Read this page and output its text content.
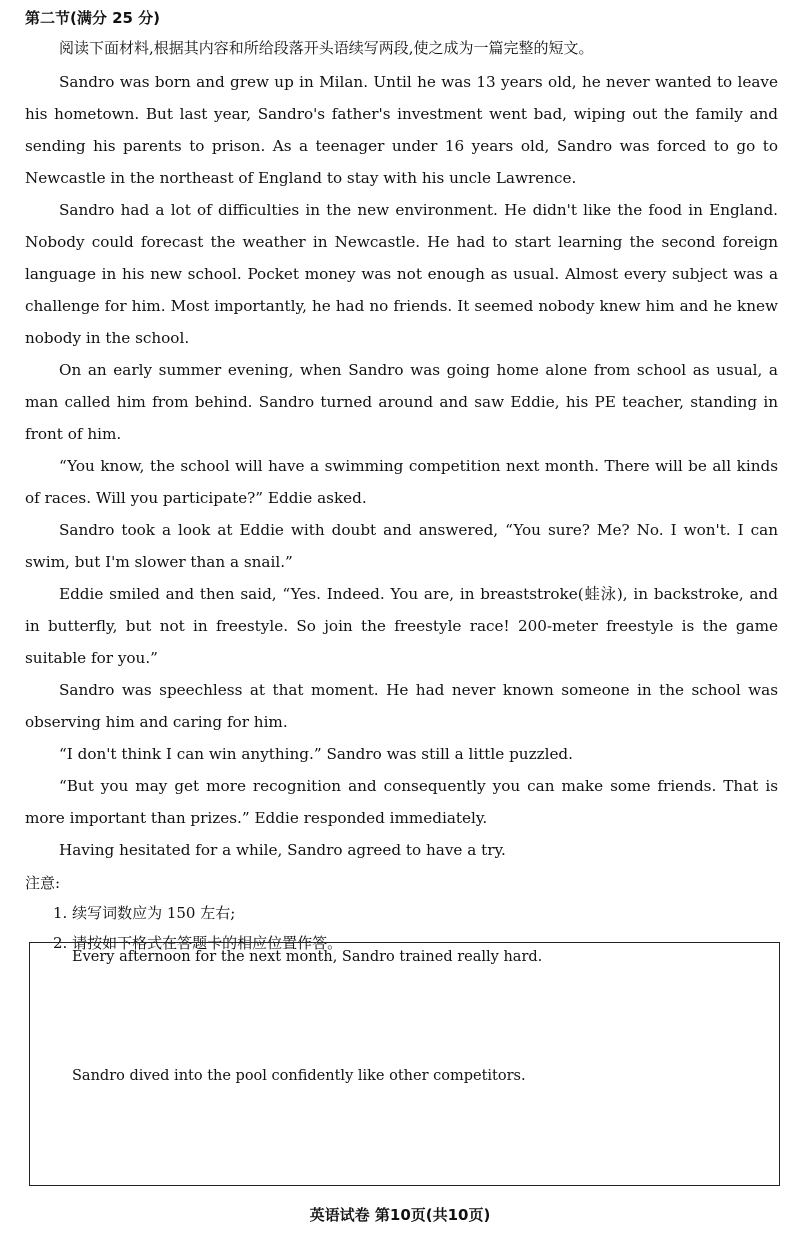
第二节(满分 25 分)
阅读下面材料,根据其内容和所给段落开头语续写两段,使之成为一篇完整的短文。

Sandro was born and grew up in Milan. Until he was 13 years old, he never wanted to leave his hometown. But last year, Sandro's father's investment went bad, wiping out the family and sending his parents to prison. As a teenager under 16 years old, Sandro was forced to go to Newcastle in the northeast of England to stay with his uncle Lawrence.

Sandro had a lot of difficulties in the new environment. He didn't like the food in England. Nobody could forecast the weather in Newcastle. He had to start learning the second foreign language in his new school. Pocket money was not enough as usual. Almost every subject was a challenge for him. Most importantly, he had no friends. It seemed nobody knew him and he knew nobody in the school.

On an early summer evening, when Sandro was going home alone from school as usual, a man called him from behind. Sandro turned around and saw Eddie, his PE teacher, standing in front of him.

“You know, the school will have a swimming competition next month. There will be all kinds of races. Will you participate?” Eddie asked.

Sandro took a look at Eddie with doubt and answered, “You sure? Me? No. I won't. I can swim, but I'm slower than a snail.”

Eddie smiled and then said, “Yes. Indeed. You are, in breaststroke(蛙泳), in backstroke, and in butterfly, but not in freestyle. So join the freestyle race! 200-meter freestyle is the game suitable for you.”

Sandro was speechless at that moment. He had never known someone in the school was observing him and caring for him.

“I don't think I can win anything.” Sandro was still a little puzzled.

“But you may get more recognition and consequently you can make some friends. That is more important than prizes.” Eddie responded immediately.

Having hesitated for a while, Sandro agreed to have a try.

注意:
1. 续写词数应为 150 左右;
2. 请按如下格式在答题卡的相应位置作答。
Every afternoon for the next month, Sandro trained really hard.
Sandro dived into the pool confidently like other competitors.
英语试卷 第10页(共10页)
